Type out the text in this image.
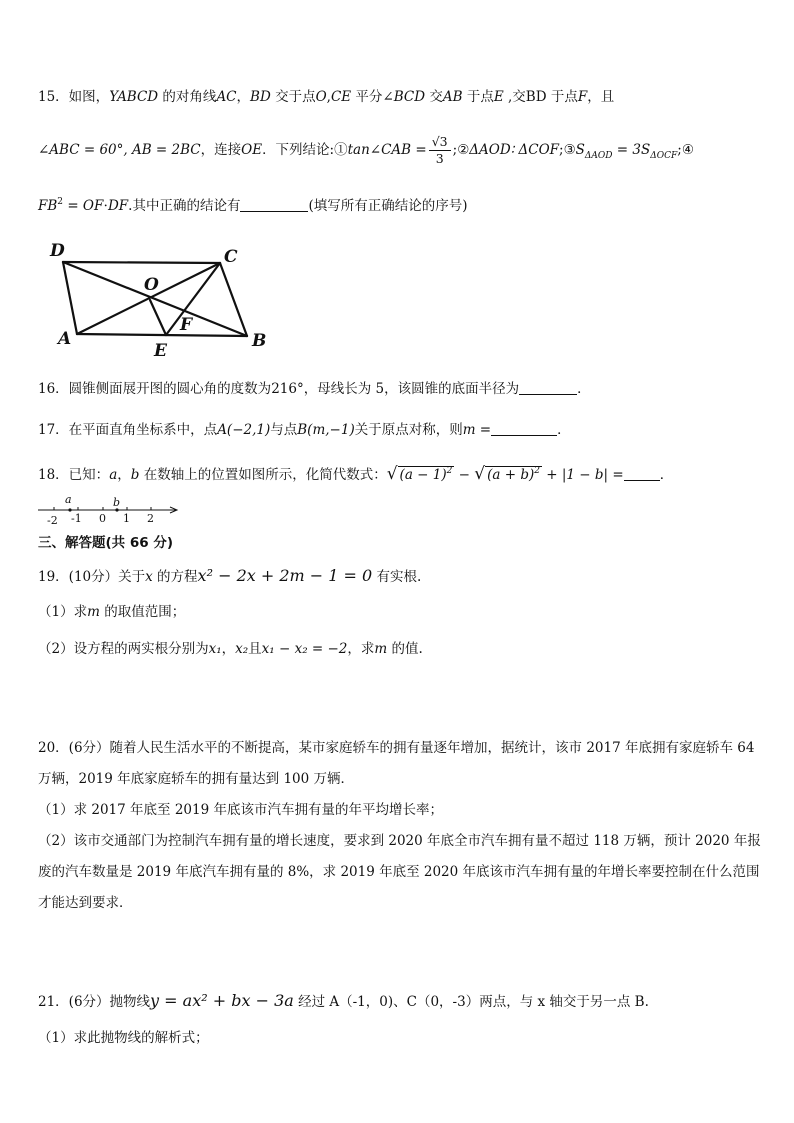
15．如图，YABCD 的对角线AC，BD 交于点O,CE 平分∠BCD 交AB 于点E ,交BD 于点F，且
∠ABC = 60°, AB = 2BC，连接OE．下列结论:①tan∠CAB = $\frac{√3}{3}$ ;②ΔAOD∶ $\Delta COF;③S_{\Delta AOD}$ = $3S_{\Delta OCF};④$
$FB^2 = OF\cdot DF$.其中正确的结论有	(填写所有正确结论的序号)
D	C
O
F
A
E	B
16．圆锥侧面展开图的圆心角的度数为216°，母线长为 5，该圆锥的底面半径为	．
17．在平面直角坐标系中，点A(−2,1)与点B(m,−1)关于原点对称，则m =	．
18．已知：a，b 在数轴上的位置如图所示，化简代数式：√ $(a - 1)^2$ − √ $(a + b)^2 + |1 - b|$ =	．
a	b
-2 -1 0 1 2
三、解答题(共 66 分)
19．(10分）关于x 的方程x² − 2x + 2m − 1 = 0 有实根.
（1）求m 的取值范围；
（2）设方程的两实根分别为x₁，x₂且x₁ − x₂ = −2，求m 的值.
20．(6分）随着人民生活水平的不断提高，某市家庭轿车的拥有量逐年增加，据统计，该市 2017 年底拥有家庭轿车 64
万辆，2019 年底家庭轿车的拥有量达到 100 万辆．
（1）求 2017 年底至 2019 年底该市汽车拥有量的年平均增长率；
（2）该市交通部门为控制汽车拥有量的增长速度，要求到 2020 年底全市汽车拥有量不超过 118 万辆，预计 2020 年报
废的汽车数量是 2019 年底汽车拥有量的 8%，求 2019 年底至 2020 年底该市汽车拥有量的年增长率要控制在什么范围
才能达到要求．
21．(6分）抛物线y = ax² + bx − 3a 经过 A（-1，0)、C（0，-3）两点，与 x 轴交于另一点 B.
（1）求此抛物线的解析式；
